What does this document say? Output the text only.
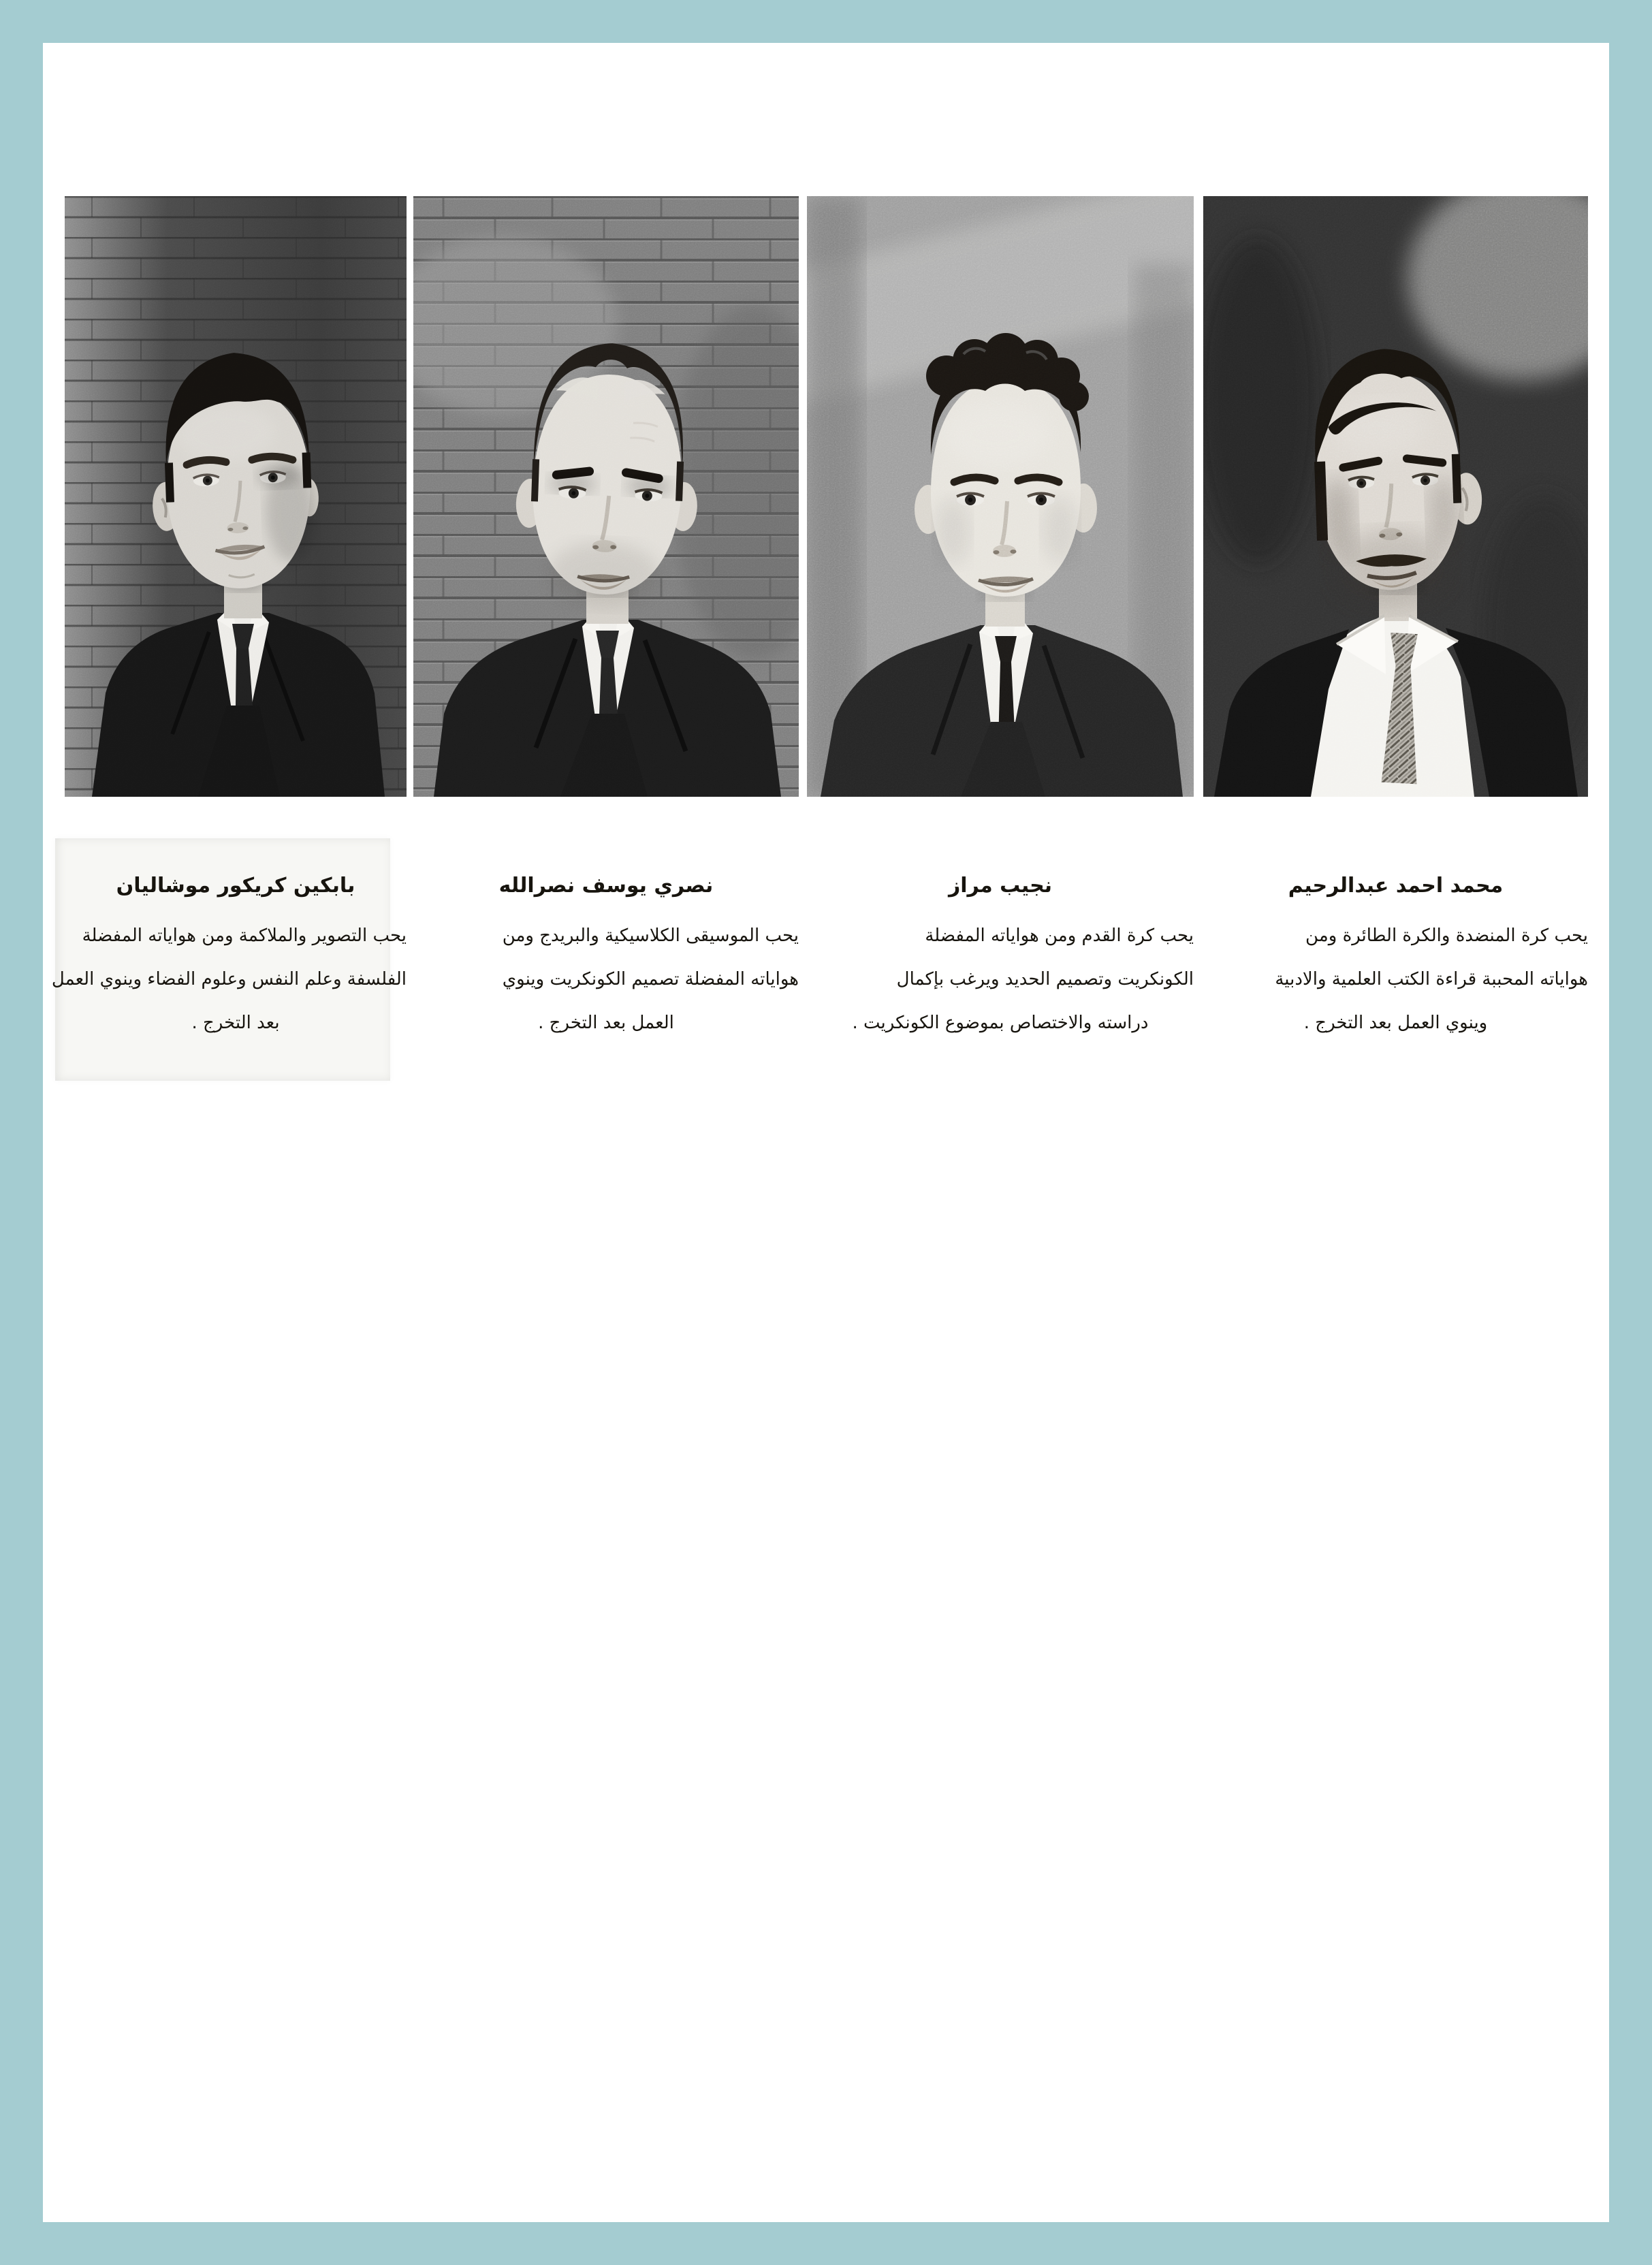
بابكين كريكور موشاليان
يحب التصوير والملاكمة ومن هواياته المفضلة
الفلسفة وعلم النفس وعلوم الفضاء وينوي العمل
بعد التخرج .
نصري يوسف نصرالله
يحب الموسيقى الكلاسيكية والبريدج ومن
هواياته المفضلة تصميم الكونكريت وينوي
العمل بعد التخرج .
نجيب مراز
يحب كرة القدم ومن هواياته المفضلة
الكونكريت وتصميم الحديد ويرغب بإكمال
دراسته والاختصاص بموضوع الكونكريت .
محمد احمد عبدالرحيم
يحب كرة المنضدة والكرة الطائرة ومن
هواياته المحببة قراءة الكتب العلمية والادبية
وينوي العمل بعد التخرج .
